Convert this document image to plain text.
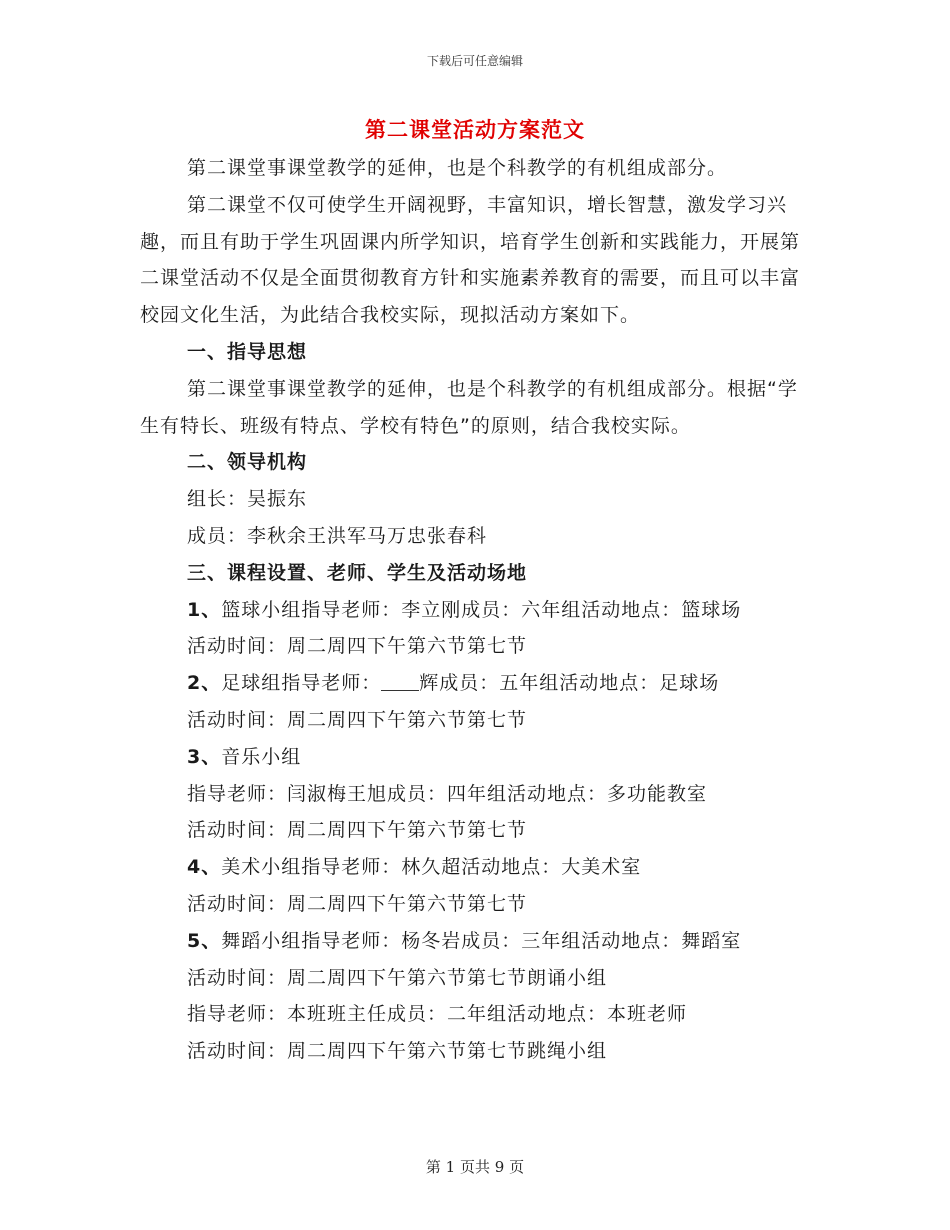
下载后可任意编辑
第二课堂活动方案范文

第二课堂事课堂教学的延伸，也是个科教学的有机组成部分。

第二课堂不仅可使学生开阔视野，丰富知识，增长智慧，激发学习兴趣，而且有助于学生巩固课内所学知识，培育学生创新和实践能力，开展第二课堂活动不仅是全面贯彻教育方针和实施素养教育的需要，而且可以丰富校园文化生活，为此结合我校实际，现拟活动方案如下。

一、指导思想

第二课堂事课堂教学的延伸，也是个科教学的有机组成部分。根据“学生有特长、班级有特点、学校有特色”的原则，结合我校实际。

二、领导机构

组长：吴振东

成员：李秋余王洪军马万忠张春科

三、课程设置、老师、学生及活动场地

1、篮球小组指导老师：李立刚成员：六年组活动地点：篮球场

活动时间：周二周四下午第六节第七节

2、足球组指导老师： 辉成员：五年组活动地点：足球场

活动时间：周二周四下午第六节第七节

3、音乐小组

指导老师：闫淑梅王旭成员：四年组活动地点：多功能教室

活动时间：周二周四下午第六节第七节

4、美术小组指导老师：林久超活动地点：大美术室

活动时间：周二周四下午第六节第七节

5、舞蹈小组指导老师：杨冬岩成员：三年组活动地点：舞蹈室

活动时间：周二周四下午第六节第七节朗诵小组

指导老师：本班班主任成员：二年组活动地点：本班老师

活动时间：周二周四下午第六节第七节跳绳小组

第 1 页共 9 页
